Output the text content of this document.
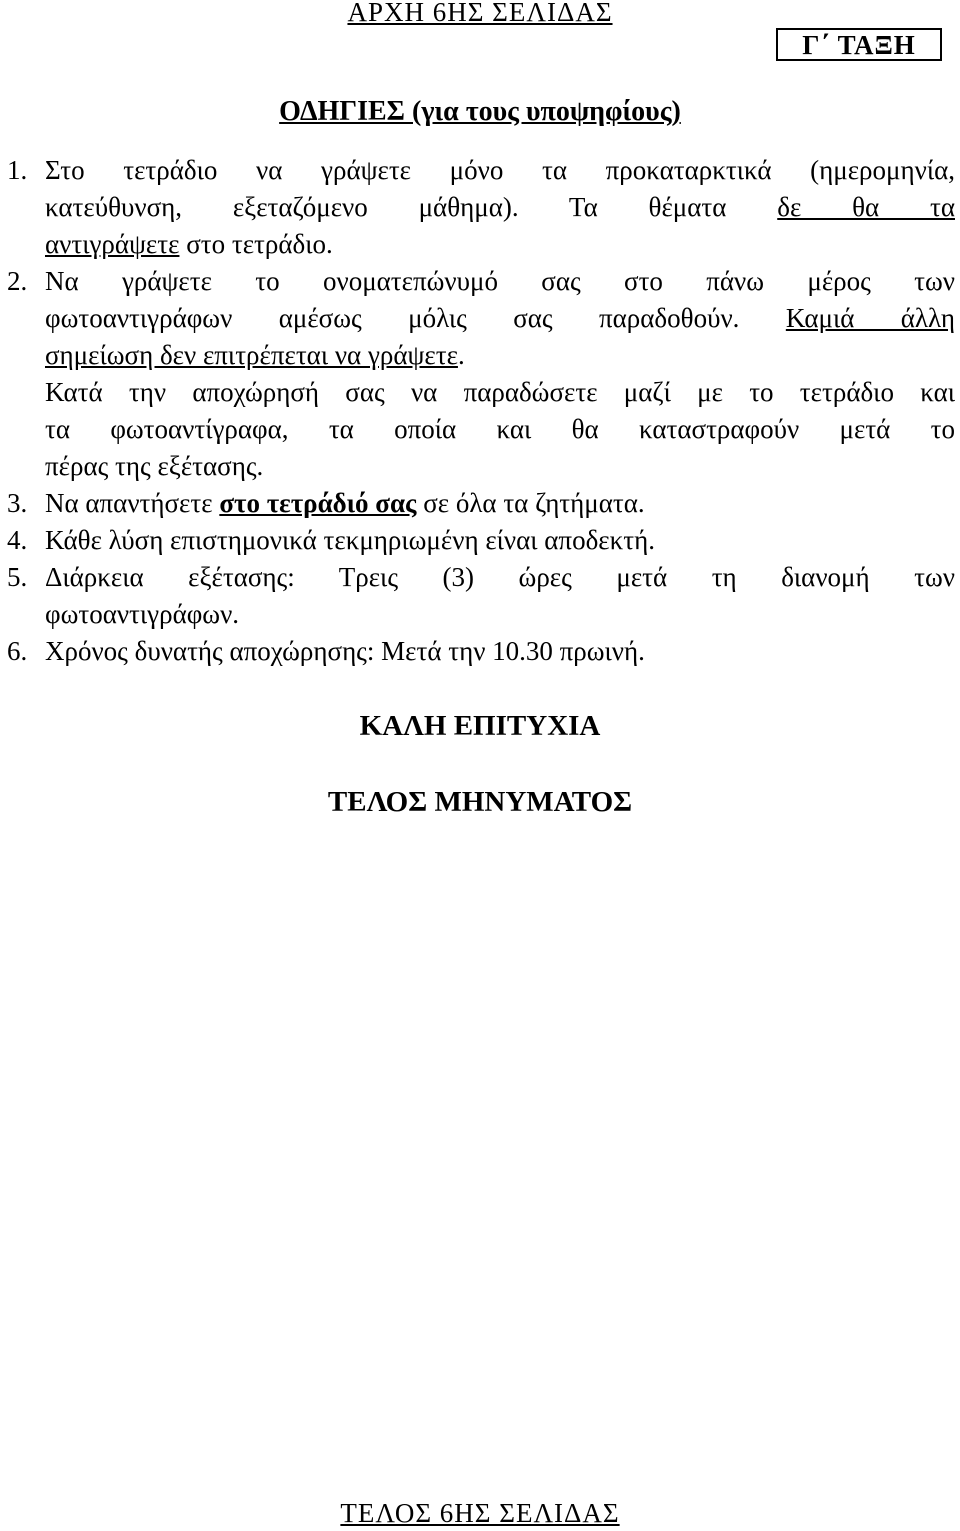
ΑΡΧΗ 6ΗΣ ΣΕΛΙΔΑΣ
Γ΄ ΤΑΞΗ
ΟΔΗΓΙΕΣ (για τους υποψηφίους)

1. Στο τετράδιο να γράψετε μόνο τα προκαταρκτικά (ημερομηνία,

κατεύθυνση, εξεταζόμενο μάθημα). Τα θέματα δε θα τα

αντιγράψετε στο τετράδιο.

2. Να γράψετε το ονοματεπώνυμό σας στο πάνω μέρος των

φωτοαντιγράφων αμέσως μόλις σας παραδοθούν. Καμιά άλλη

σημείωση δεν επιτρέπεται να γράψετε.

Κατά την αποχώρησή σας να παραδώσετε μαζί με το τετράδιο και

τα φωτοαντίγραφα, τα οποία και θα καταστραφούν μετά το

πέρας της εξέτασης.

3. Να απαντήσετε στο τετράδιό σας σε όλα τα ζητήματα.

4. Κάθε λύση επιστημονικά τεκμηριωμένη είναι αποδεκτή.

5. Διάρκεια εξέτασης: Τρεις (3) ώρες μετά τη διανομή των

φωτοαντιγράφων.

6. Χρόνος δυνατής αποχώρησης: Μετά την 10.30 πρωινή.

ΚΑΛΗ ΕΠΙΤΥΧΙΑ
ΤΕΛΟΣ ΜΗΝΥΜΑΤΟΣ
ΤΕΛΟΣ 6ΗΣ ΣΕΛΙΔΑΣ
